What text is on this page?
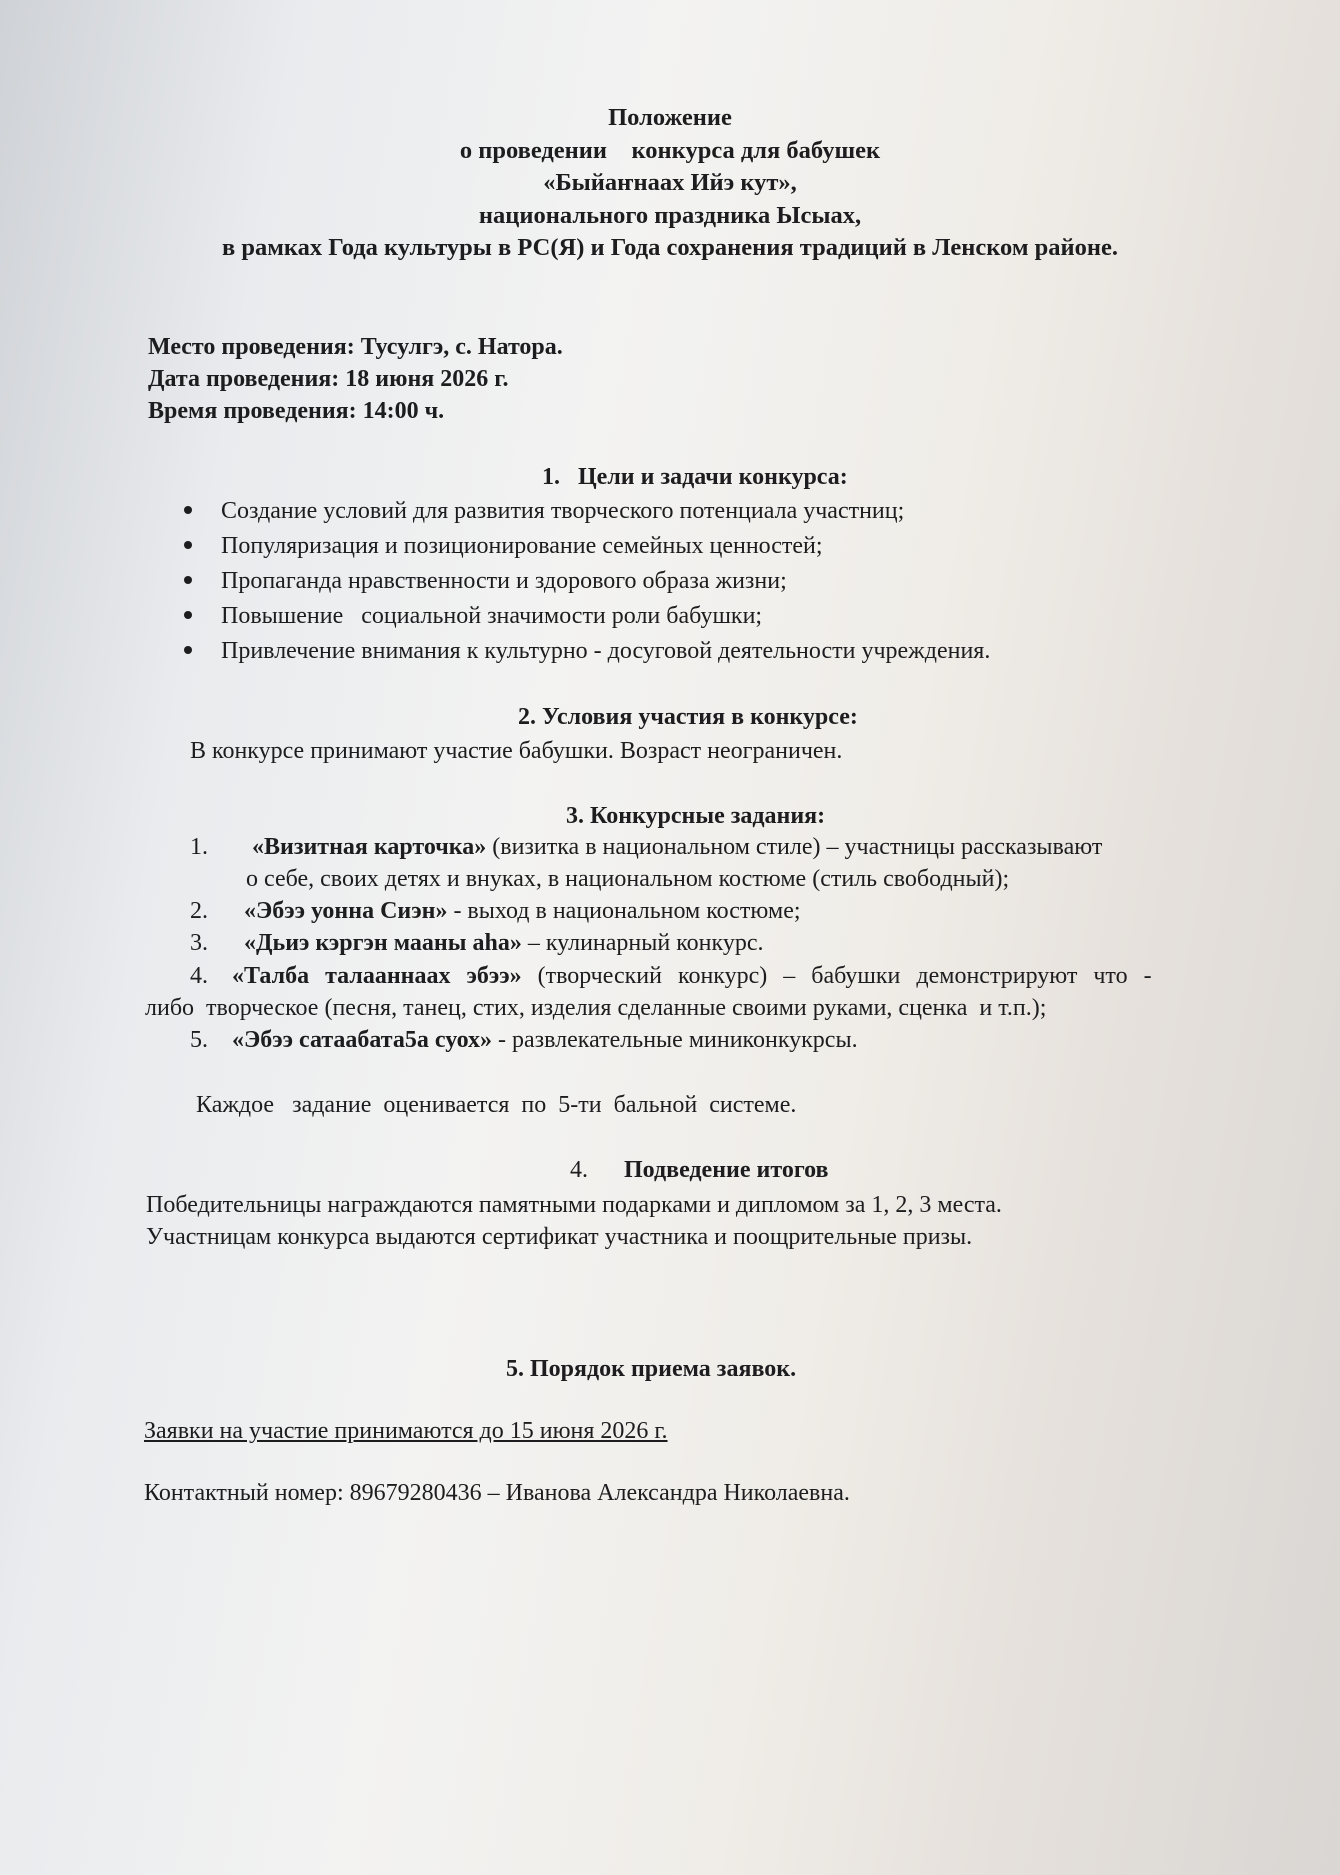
Положение
о проведении    конкурса для бабушек
«Быйаҥнаах Ийэ кут»,
национального праздника Ысыах,
в рамках Года культуры в РС(Я) и Года сохранения традиций в Ленском районе.
Место проведения: Тусулгэ, с. Натора.
Дата проведения: 18 июня 2026 г.
Время проведения: 14:00 ч.
1.   Цели и задачи конкурса:
Создание условий для развития творческого потенциала участниц;
Популяризация и позиционирование семейных ценностей;
Пропаганда нравственности и здорового образа жизни;
Повышение   социальной значимости роли бабушки;
Привлечение внимания к культурно - досуговой деятельности учреждения.
2. Условия участия в конкурсе:
В конкурсе принимают участие бабушки. Возраст неограничен.
3. Конкурсные задания:
1. «Визитная карточка» (визитка в национальном стиле) – участницы рассказывают
о себе, своих детях и внуках, в национальном костюме (стиль свободный);
2. «Эбээ уонна Сиэн» - выход в национальном костюме;
3. «Дьиэ кэргэн мааны аһа» – кулинарный конкурс.
4. «Талба  талааннаах  эбээ»  (творческий  конкурс)  –  бабушки  демонстрируют  что  -
либо  творческое (песня, танец, стих, изделия сделанные своими руками, сценка  и т.п.);
5. «Эбээ сатаабата5а суох» - развлекательные миниконкукрсы.
Каждое   задание  оценивается  по  5-ти  бальной  системе.
4. Подведение итогов
Победительницы награждаются памятными подарками и дипломом за 1, 2, 3 места.
Участницам конкурса выдаются сертификат участника и поощрительные призы.
5. Порядок приема заявок.
Заявки на участие принимаются до 15 июня 2026 г.
Контактный номер: 89679280436 – Иванова Александра Николаевна.
